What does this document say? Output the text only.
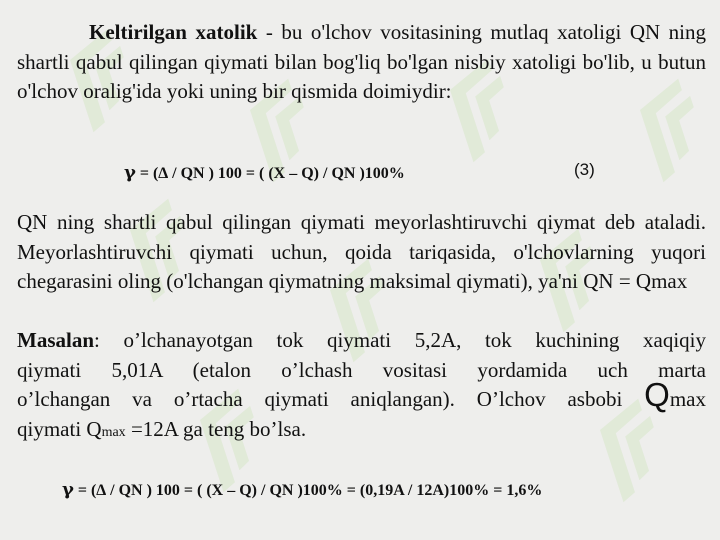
Keltirilgan xatolik - bu o'lchov vositasining mutlaq xatoligi QN ning shartli qabul qilingan qiymati bilan bog'liq bo'lgan nisbiy xatoligi bo'lib, u butun o'lchov oralig'ida yoki uning bir qismida doimiydir:
γ = (∆ / QN ) 100 = ( (X – Q) / QN )100%	(3)
QN ning shartli qabul qilingan qiymati meyorlashtiruvchi qiymat deb ataladi. Meyorlashtiruvchi qiymati uchun, qoida tariqasida, o'lchovlarning yuqori chegarasini oling (o'lchangan qiymatning maksimal qiymati), ya'ni QN = Qmax
Masalan: o’lchanayotgan tok qiymati 5,2A, tok kuchining xaqiqiy
qiymati 5,01A (etalon o’lchash vositasi yordamida uch marta
o’lchangan va o’rtacha qiymati aniqlangan). O’lchov asbobi Qmax
qiymati Qmax =12A ga teng bo’lsa.
γ = (∆ / QN ) 100 = ( (X – Q) / QN )100% = (0,19A / 12A)100% = 1,6%
